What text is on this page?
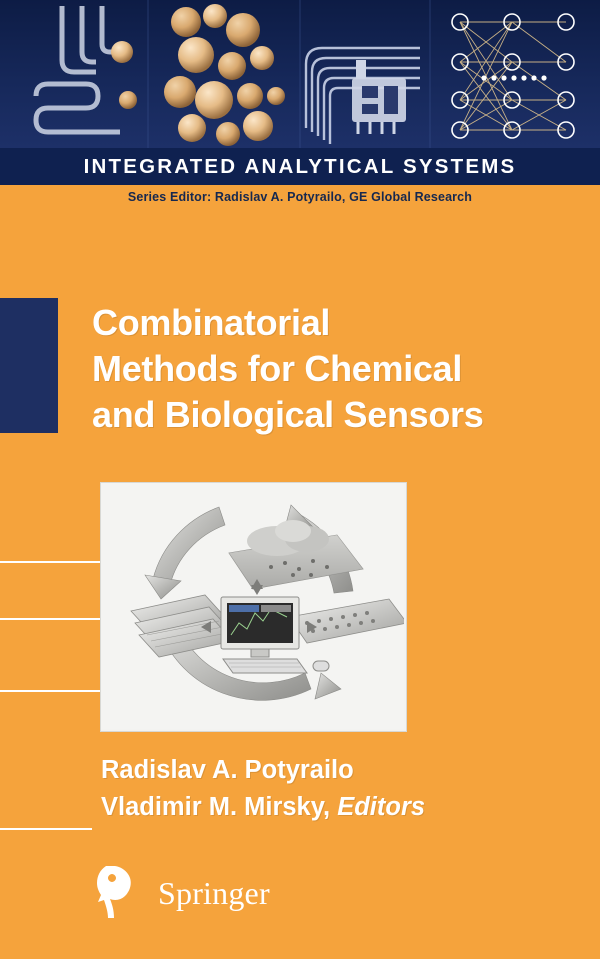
INTEGRATED ANALYTICAL SYSTEMS
Series Editor: Radislav A. Potyrailo, GE Global Research
Combinatorial
Methods for Chemical
and Biological Sensors
Radislav A. Potyrailo
Vladimir M. Mirsky, Editors
Springer
